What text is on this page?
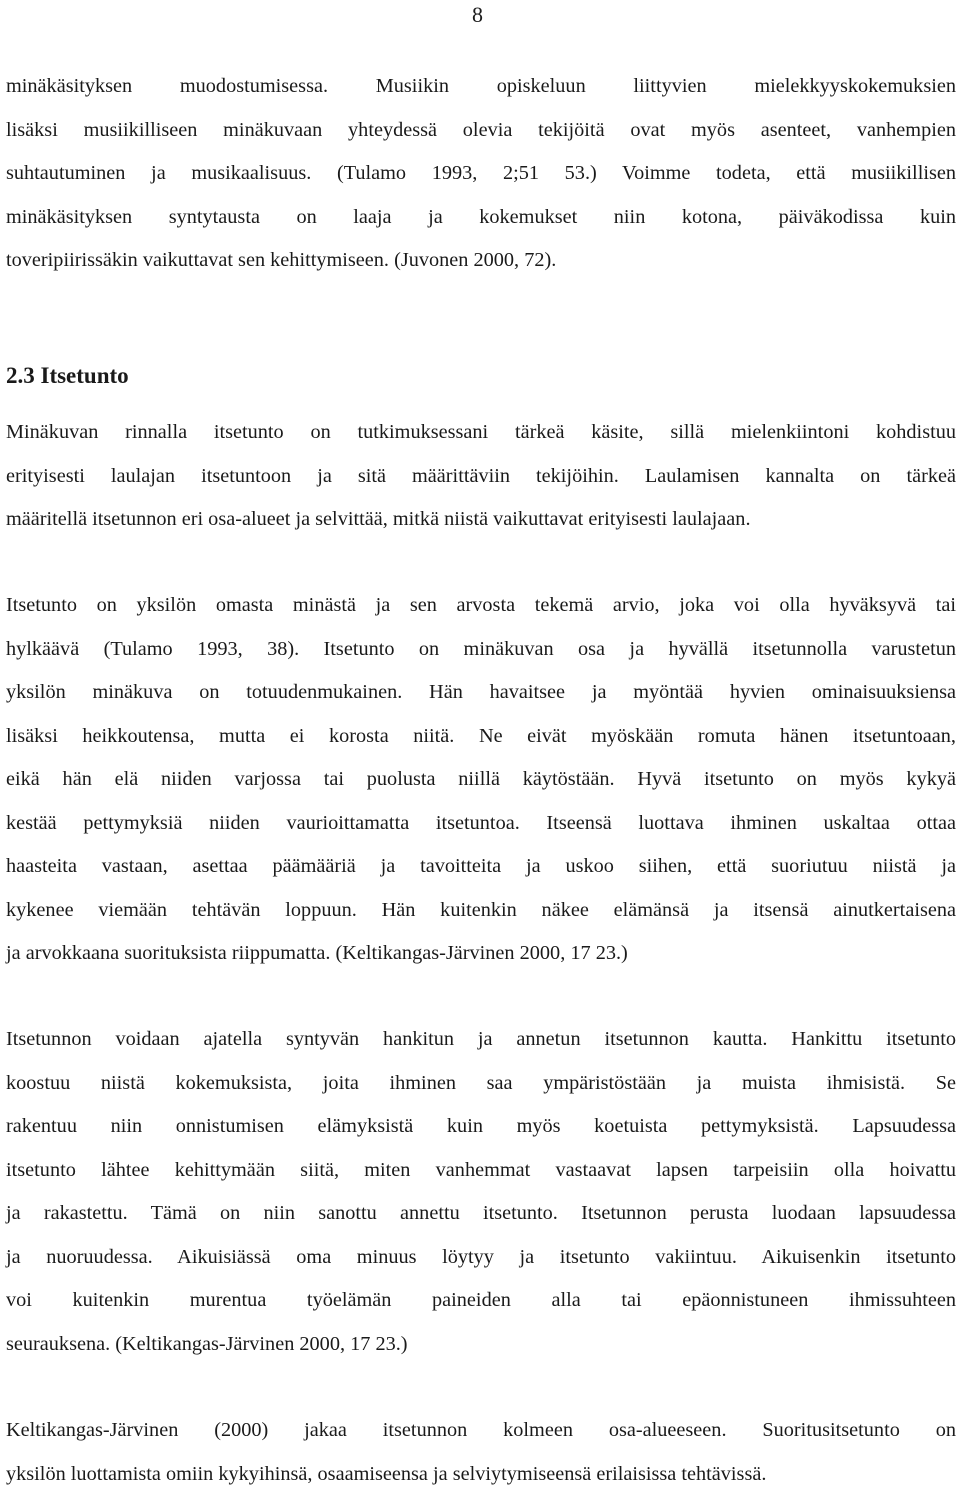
8
minäkäsityksen muodostumisessa. Musiikin opiskeluun liittyvien mielekkyyskokemuksien
lisäksi musiikilliseen minäkuvaan yhteydessä olevia tekijöitä ovat myös asenteet, vanhempien
suhtautuminen ja musikaalisuus. (Tulamo 1993, 2;51 53.) Voimme todeta, että musiikillisen
minäkäsityksen syntytausta on laaja ja kokemukset niin kotona, päiväkodissa kuin
toveripiirissäkin vaikuttavat sen kehittymiseen. (Juvonen 2000, 72).
2.3 Itsetunto
Minäkuvan rinnalla itsetunto on tutkimuksessani tärkeä käsite, sillä mielenkiintoni kohdistuu
erityisesti laulajan itsetuntoon ja sitä määrittäviin tekijöihin. Laulamisen kannalta on tärkeä
määritellä itsetunnon eri osa-alueet ja selvittää, mitkä niistä vaikuttavat erityisesti laulajaan.
Itsetunto on yksilön omasta minästä ja sen arvosta tekemä arvio, joka voi olla hyväksyvä tai
hylkäävä (Tulamo 1993, 38). Itsetunto on minäkuvan osa ja hyvällä itsetunnolla varustetun
yksilön minäkuva on totuudenmukainen. Hän havaitsee ja myöntää hyvien ominaisuuksiensa
lisäksi heikkoutensa, mutta ei korosta niitä. Ne eivät myöskään romuta hänen itsetuntoaan,
eikä hän elä niiden varjossa tai puolusta niillä käytöstään. Hyvä itsetunto on myös kykyä
kestää pettymyksiä niiden vaurioittamatta itsetuntoa. Itseensä luottava ihminen uskaltaa ottaa
haasteita vastaan, asettaa päämääriä ja tavoitteita ja uskoo siihen, että suoriutuu niistä ja
kykenee viemään tehtävän loppuun. Hän kuitenkin näkee elämänsä ja itsensä ainutkertaisena
ja arvokkaana suorituksista riippumatta. (Keltikangas-Järvinen 2000, 17 23.)
Itsetunnon voidaan ajatella syntyvän hankitun ja annetun itsetunnon kautta. Hankittu itsetunto
koostuu niistä kokemuksista, joita ihminen saa ympäristöstään ja muista ihmisistä. Se
rakentuu niin onnistumisen elämyksistä kuin myös koetuista pettymyksistä. Lapsuudessa
itsetunto lähtee kehittymään siitä, miten vanhemmat vastaavat lapsen tarpeisiin olla hoivattu
ja rakastettu. Tämä on niin sanottu annettu itsetunto. Itsetunnon perusta luodaan lapsuudessa
ja nuoruudessa. Aikuisiässä oma minuus löytyy ja itsetunto vakiintuu. Aikuisenkin itsetunto
voi kuitenkin murentua työelämän paineiden alla tai epäonnistuneen ihmissuhteen
seurauksena. (Keltikangas-Järvinen 2000, 17 23.)
Keltikangas-Järvinen (2000) jakaa itsetunnon kolmeen osa-alueeseen. Suoritusitsetunto on
yksilön luottamista omiin kykyihinsä, osaamiseensa ja selviytymiseensä erilaisissa tehtävissä.
